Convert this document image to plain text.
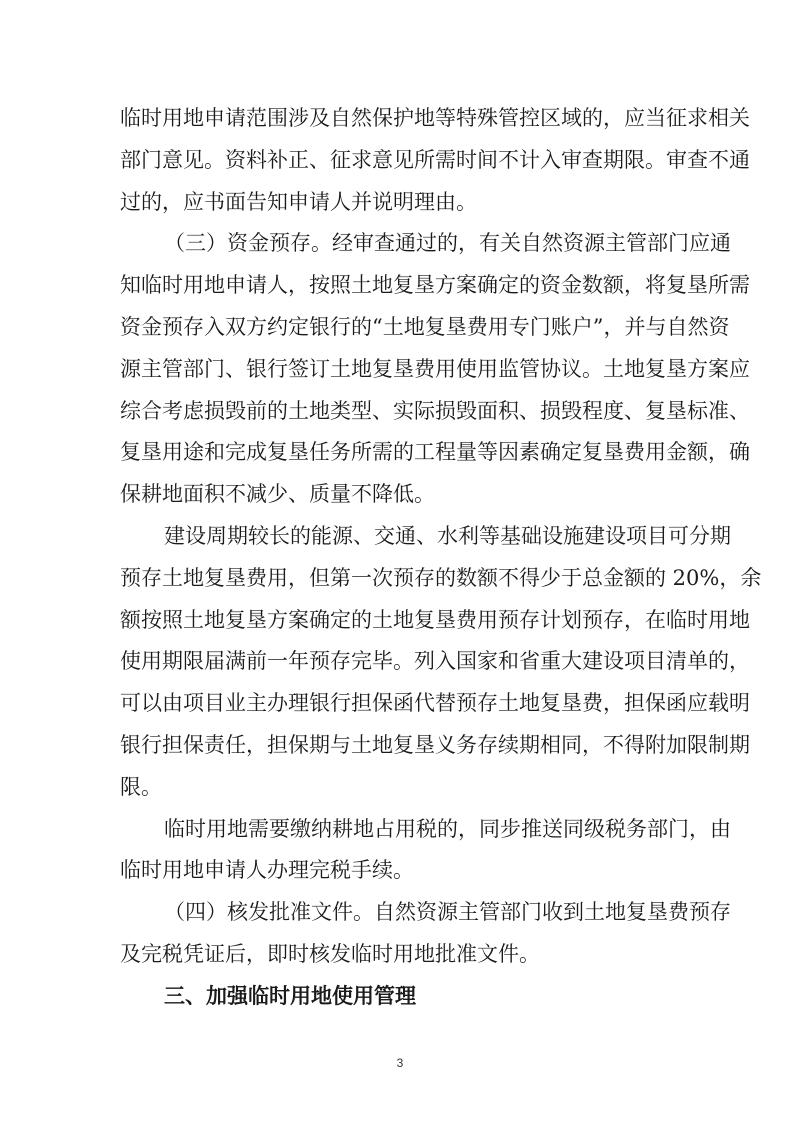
临时用地申请范围涉及自然保护地等特殊管控区域的，应当征求相关
部门意见。资料补正、征求意见所需时间不计入审查期限。审查不通
过的，应书面告知申请人并说明理由。
（三）资金预存。经审查通过的，有关自然资源主管部门应通
知临时用地申请人，按照土地复垦方案确定的资金数额，将复垦所需
资金预存入双方约定银行的“土地复垦费用专门账户”，并与自然资
源主管部门、银行签订土地复垦费用使用监管协议。土地复垦方案应
综合考虑损毁前的土地类型、实际损毁面积、损毁程度、复垦标准、
复垦用途和完成复垦任务所需的工程量等因素确定复垦费用金额，确
保耕地面积不减少、质量不降低。
建设周期较长的能源、交通、水利等基础设施建设项目可分期
预存土地复垦费用，但第一次预存的数额不得少于总金额的 20%，余
额按照土地复垦方案确定的土地复垦费用预存计划预存，在临时用地
使用期限届满前一年预存完毕。列入国家和省重大建设项目清单的，
可以由项目业主办理银行担保函代替预存土地复垦费，担保函应载明
银行担保责任，担保期与土地复垦义务存续期相同，不得附加限制期
限。
临时用地需要缴纳耕地占用税的，同步推送同级税务部门，由
临时用地申请人办理完税手续。
（四）核发批准文件。自然资源主管部门收到土地复垦费预存
及完税凭证后，即时核发临时用地批准文件。
三、加强临时用地使用管理
3
